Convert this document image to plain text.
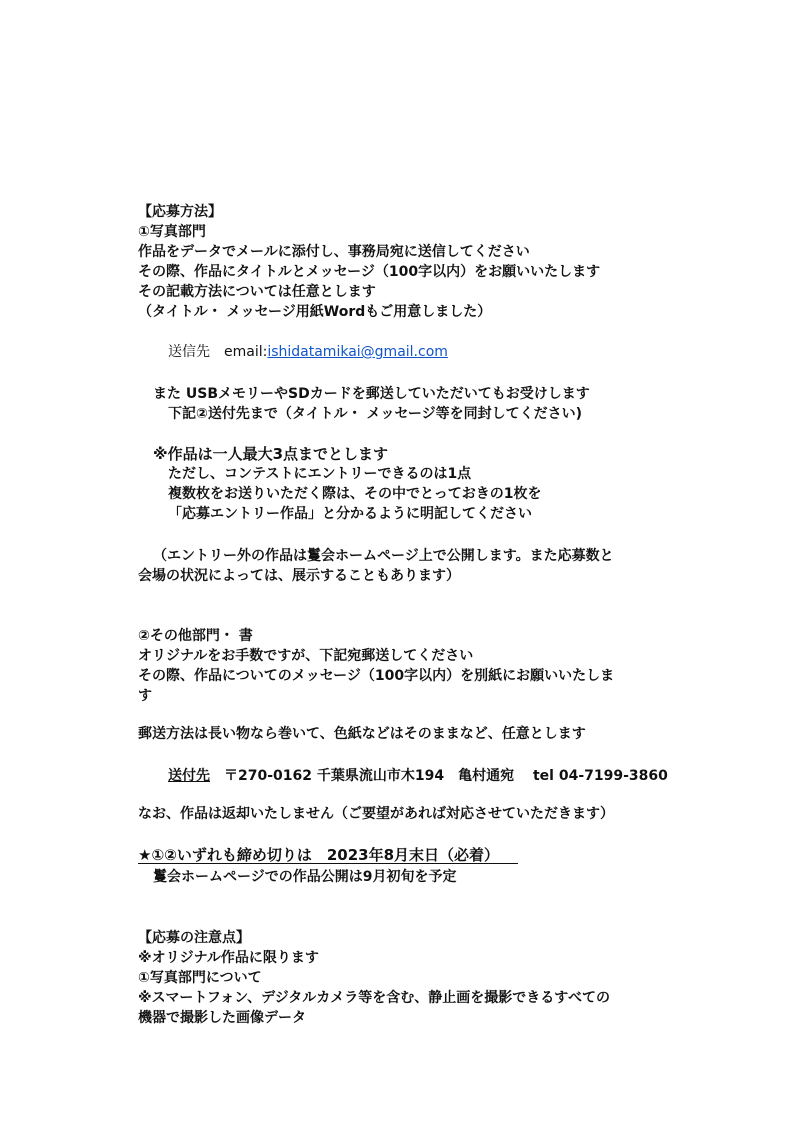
【応募方法】
①写真部門
作品をデータでメールに添付し、事務局宛に送信してください
その際、作品にタイトルとメッセージ（100字以内）をお願いいたします
その記載方法については任意とします
（タイトル・ メッセージ用紙Wordもご用意しました）
送信先　email:ishidatamikai@gmail.com
また USBメモリーやSDカードを郵送していただいてもお受けします
下記②送付先まで（タイトル・ メッセージ等を同封してください)
※作品は一人最大3点までとします
ただし、コンテストにエントリーできるのは1点
複数枚をお送りいただく際は、その中でとっておきの1枚を
「応募エントリー作品」と分かるように明記してください
（エントリー外の作品は鬘会ホームページ上で公開します。また応募数と
会場の状況によっては、展示することもあります）
②その他部門・ 書
オリジナルをお手数ですが、下記宛郵送してください
その際、作品についてのメッセージ（100字以内）を別紙にお願いいたしま
す
郵送方法は長い物なら巻いて、色紙などはそのままなど、任意とします
送付先　 〒270-0162 千葉県流山市木194　亀村通宛　 tel 04-7199-3860
なお、作品は返却いたしません（ご要望があれば対応させていただきます）
★①②いずれも締め切りは　2023年8月末日（必着）
鬘会ホームページでの作品公開は9月初旬を予定
【応募の注意点】
※オリジナル作品に限ります
①写真部門について
※スマートフォン、デジタルカメラ等を含む、静止画を撮影できるすべての
機器で撮影した画像データ
